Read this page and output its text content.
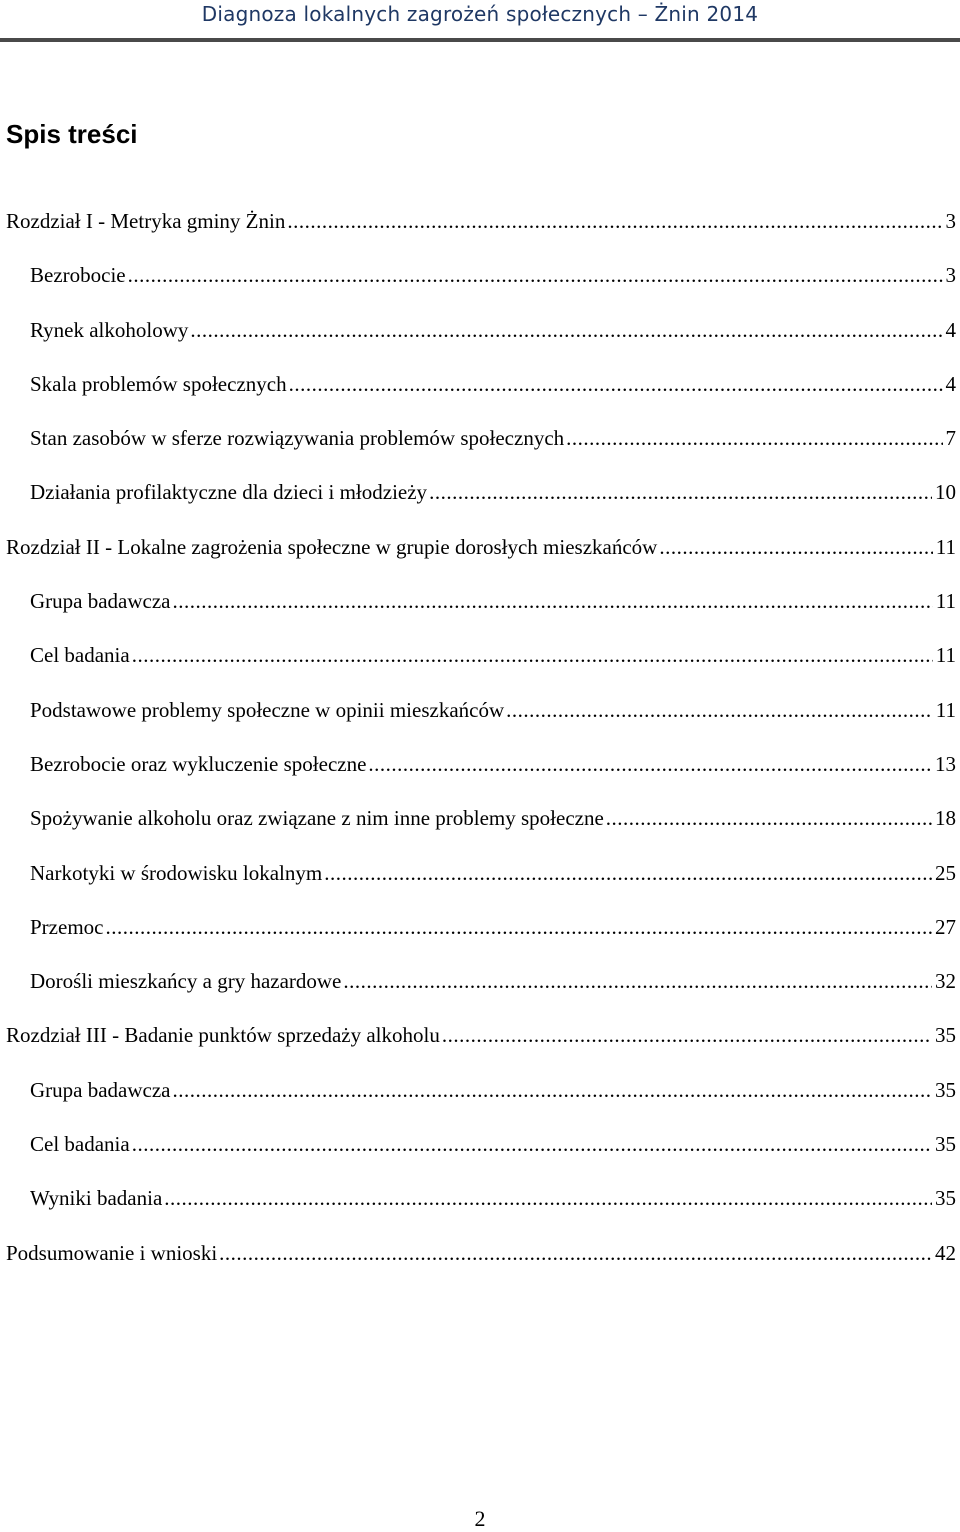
Diagnoza lokalnych zagrożeń społecznych – Żnin 2014
Spis treści
Rozdział I - Metryka gminy Żnin .....	3
Bezrobocie .....	3
Rynek alkoholowy .....	4
Skala problemów społecznych .....	4
Stan zasobów w sferze rozwiązywania problemów społecznych .....	7
Działania profilaktyczne dla dzieci i młodzieży .....	10
Rozdział II - Lokalne zagrożenia społeczne w grupie dorosłych mieszkańców .....	11
Grupa badawcza .....	11
Cel badania .....	11
Podstawowe problemy społeczne w opinii mieszkańców .....	11
Bezrobocie oraz wykluczenie społeczne .....	13
Spożywanie alkoholu oraz związane z nim inne problemy społeczne .....	18
Narkotyki w środowisku lokalnym .....	25
Przemoc .....	27
Dorośli mieszkańcy a gry hazardowe .....	32
Rozdział III - Badanie punktów sprzedaży alkoholu .....	35
Grupa badawcza .....	35
Cel badania .....	35
Wyniki badania .....	35
Podsumowanie i wnioski .....	42
2
